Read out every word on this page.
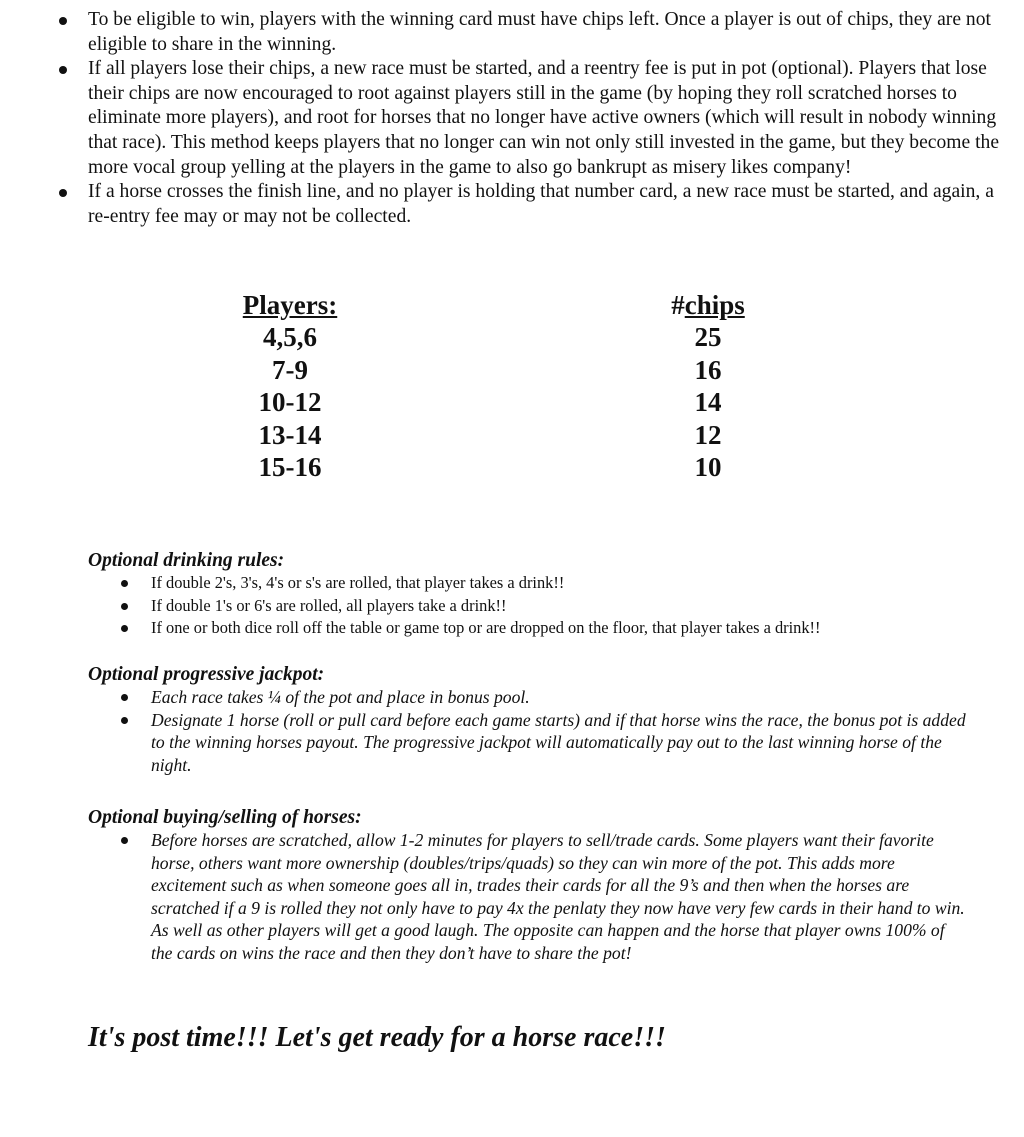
To be eligible to win, players with the winning card must have chips left. Once a player is out of chips, they are not eligible to share in the winning.
If all players lose their chips, a new race must be started, and a reentry fee is put in pot (optional). Players that lose their chips are now encouraged to root against players still in the game (by hoping they roll scratched horses to eliminate more players), and root for horses that no longer have active owners (which will result in nobody winning that race). This method keeps players that no longer can win not only still invested in the game, but they become the more vocal group yelling at the players in the game to also go bankrupt as misery likes company!
If a horse crosses the finish line, and no player is holding that number card, a new race must be started, and again, a re-entry fee may or may not be collected.
Players:
4,5,6
7-9
10-12
13-14
15-16
#chips
25
16
14
12
10

Optional drinking rules:

If double 2's, 3's, 4's or s's are rolled, that player takes a drink!!
If double 1's or 6's are rolled, all players take a drink!!
If one or both dice roll off the table or game top or are dropped on the floor, that player takes a drink!!

Optional progressive jackpot:

Each race takes ¼ of the pot and place in bonus pool.
Designate 1 horse (roll or pull card before each game starts) and if that horse wins the race, the bonus pot is added to the winning horses payout. The progressive jackpot will automatically pay out to the last winning horse of the night.

Optional buying/selling of horses:

Before horses are scratched, allow 1-2 minutes for players to sell/trade cards. Some players want their favorite horse, others want more ownership (doubles/trips/quads) so they can win more of the pot. This adds more excitement such as when someone goes all in, trades their cards for all the 9’s and then when the horses are scratched if a 9 is rolled they not only have to pay 4x the penlaty they now have very few cards in their hand to win. As well as other players will get a good laugh. The opposite can happen and the horse that player owns 100% of the cards on wins the race and then they don’t have to share the pot!

It's post time!!! Let's get ready for a horse race!!!
